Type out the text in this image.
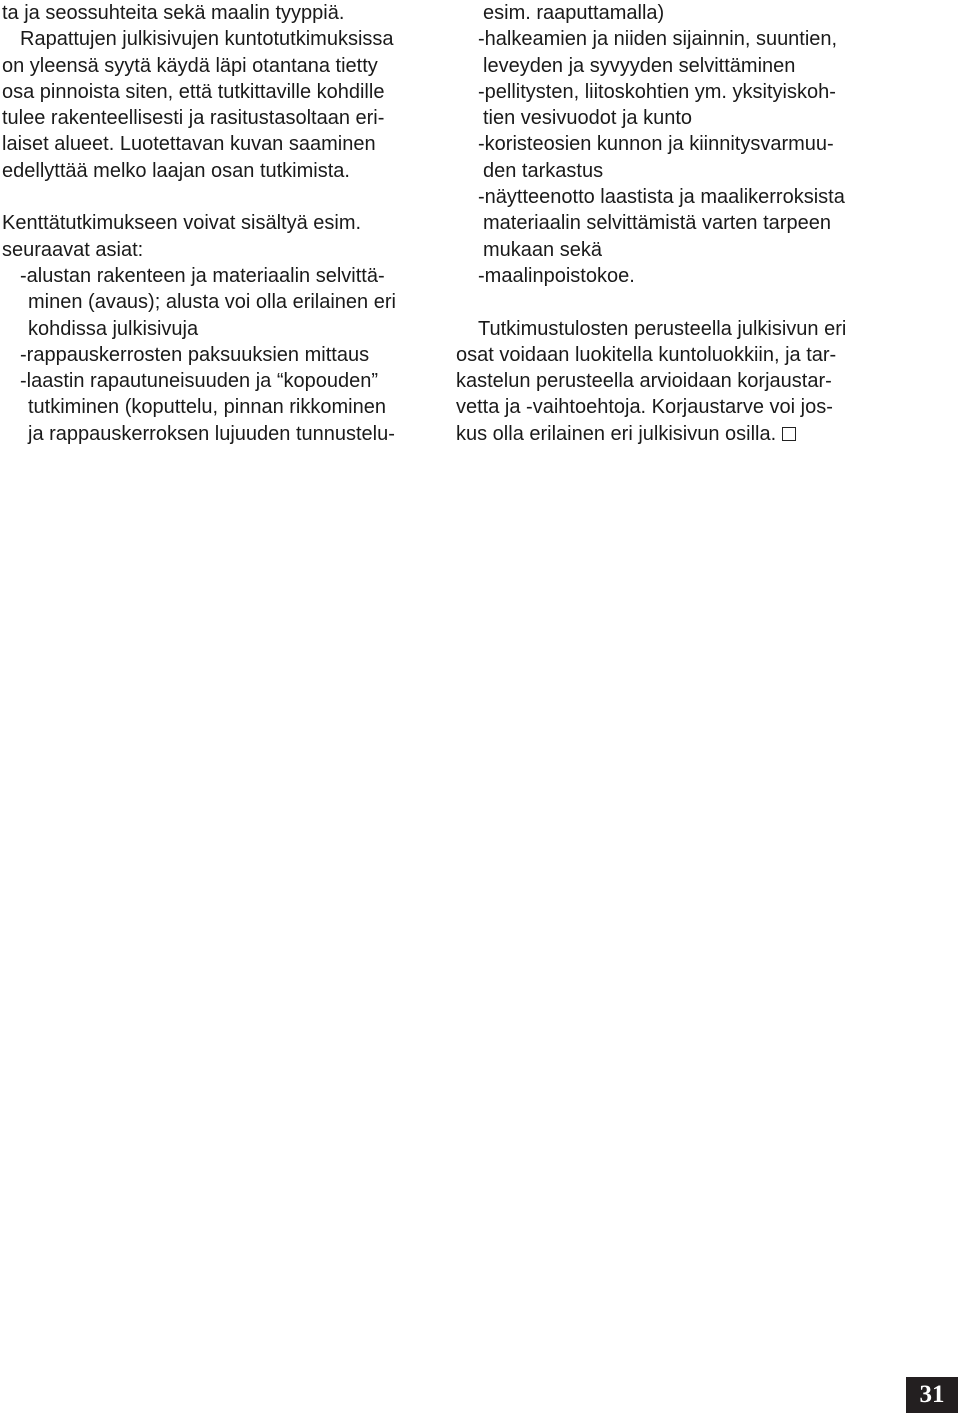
ta ja seossuhteita sekä maalin tyyppiä.
Rapattujen julkisivujen kuntotutkimuksissa
on yleensä syytä käydä läpi otantana tietty
osa pinnoista siten, että tutkittaville kohdille
tulee rakenteellisesti ja rasitustasoltaan eri-
laiset alueet. Luotettavan kuvan saaminen
edellyttää melko laajan osan tutkimista.
Kenttätutkimukseen voivat sisältyä esim.
seuraavat asiat:
-alustan rakenteen ja materiaalin selvittä-
minen (avaus); alusta voi olla erilainen eri
kohdissa julkisivuja
-rappauskerrosten paksuuksien mittaus
-laastin rapautuneisuuden ja “kopouden”
tutkiminen (koputtelu, pinnan rikkominen
ja rappauskerroksen lujuuden tunnustelu-
esim. raaputtamalla)
-halkeamien ja niiden sijainnin, suuntien,
leveyden ja syvyyden selvittäminen
-pellitysten, liitoskohtien ym. yksityiskoh-
tien vesivuodot ja kunto
-koristeosien kunnon ja kiinnitysvarmuu-
den tarkastus
-näytteenotto laastista ja maalikerroksista
materiaalin selvittämistä varten tarpeen
mukaan sekä
-maalinpoistokoe.
Tutkimustulosten perusteella julkisivun eri
osat voidaan luokitella kuntoluokkiin, ja tar-
kastelun perusteella arvioidaan korjaustar-
vetta ja -vaihtoehtoja. Korjaustarve voi jos-
kus olla erilainen eri julkisivun osilla.
31
